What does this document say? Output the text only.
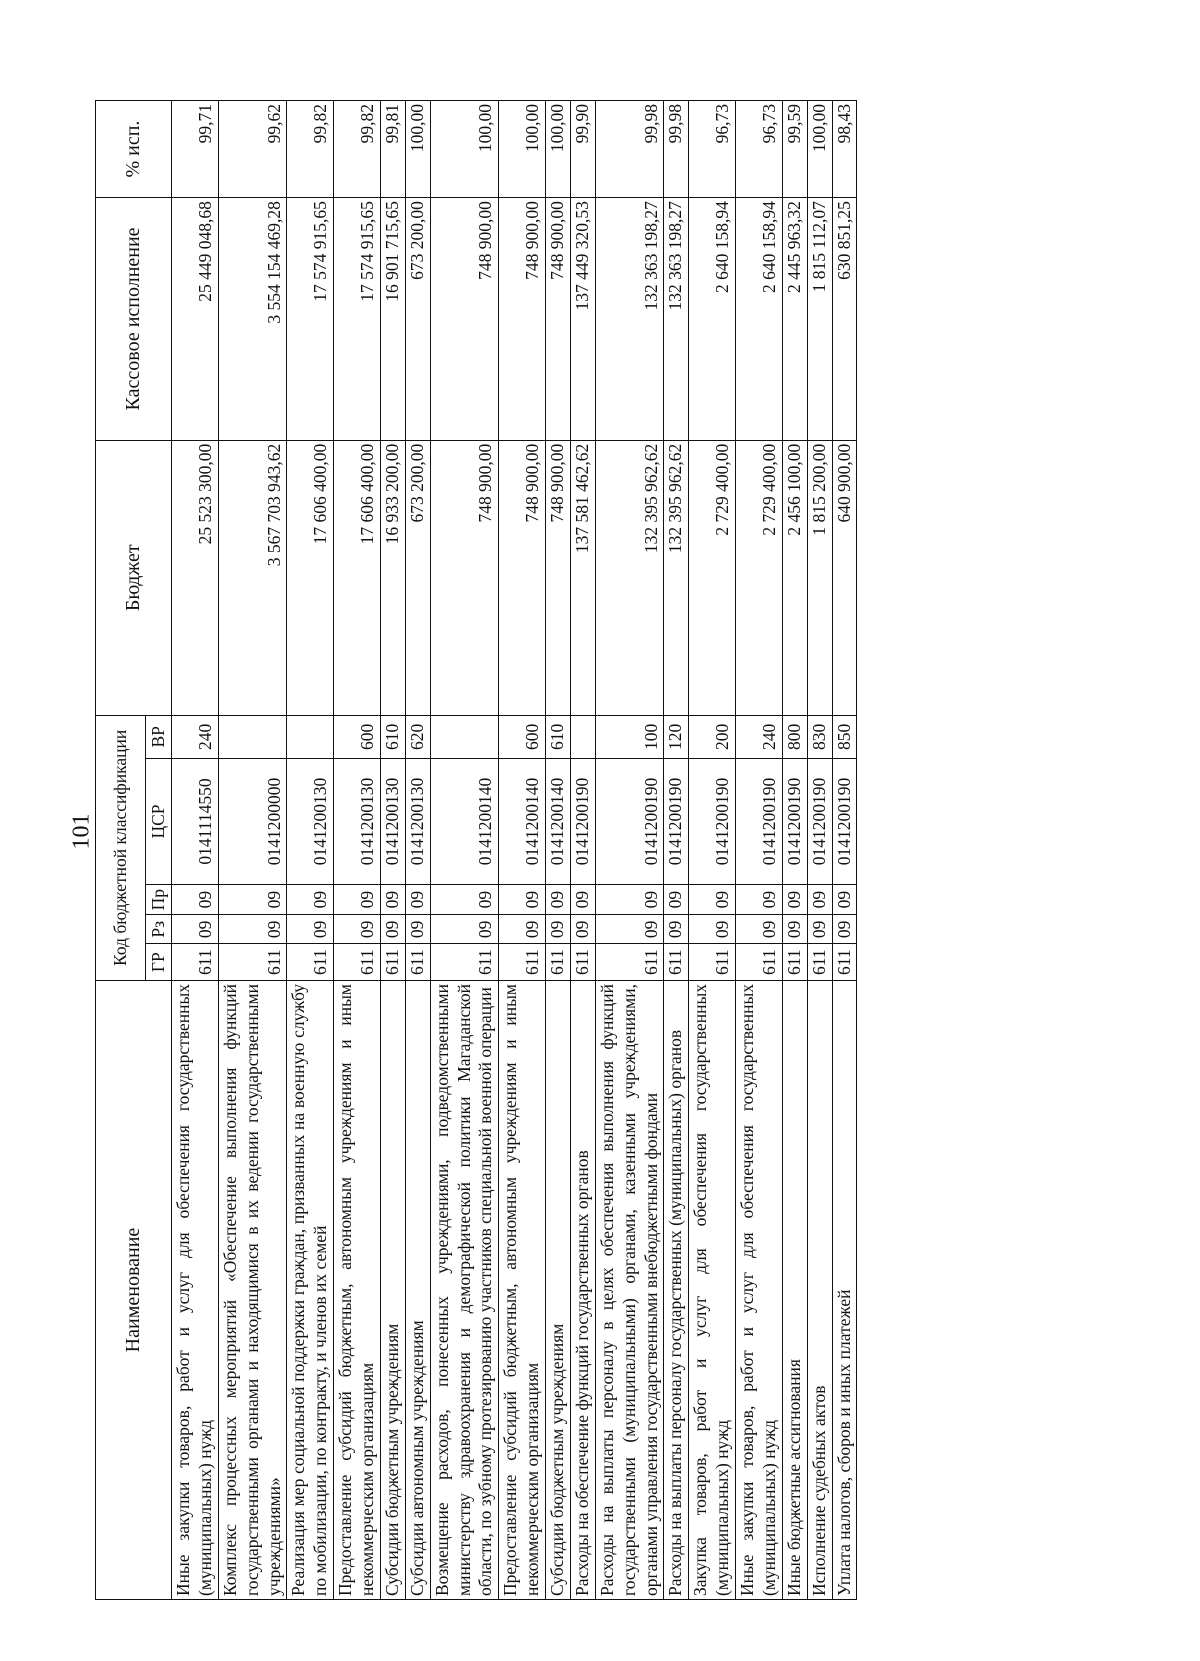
101
Наименование	Код бюджетной классификации					Бюджет	Кассовое исполнение	% исп.
	ГР	Рз	Пр	ЦСР	ВР			
Иные закупки товаров, работ и услуг для обеспечения государственных (муниципальных) нужд	611	09	09	0141114550	240	25 523 300,00	25 449 048,68	99,71
Комплекс процессных мероприятий «Обеспечение выполнения функций государственными органами и находящимися в их ведении государственными учреждениями»	611	09	09	0141200000		3 567 703 943,62	3 554 154 469,28	99,62
Реализация мер социальной поддержки граждан, призванных на военную службу по мобилизации, по контракту, и членов их семей	611	09	09	0141200130		17 606 400,00	17 574 915,65	99,82
Предоставление субсидий бюджетным, автономным учреждениям и иным некоммерческим организациям	611	09	09	0141200130	600	17 606 400,00	17 574 915,65	99,82
Субсидии бюджетным учреждениям	611	09	09	0141200130	610	16 933 200,00	16 901 715,65	99,81
Субсидии автономным учреждениям	611	09	09	0141200130	620	673 200,00	673 200,00	100,00
Возмещение расходов, понесенных учреждениями, подведомственными министерству здравоохранения и демографической политики Магаданской области, по зубному протезированию участников специальной военной операции	611	09	09	0141200140		748 900,00	748 900,00	100,00
Предоставление субсидий бюджетным, автономным учреждениям и иным некоммерческим организациям	611	09	09	0141200140	600	748 900,00	748 900,00	100,00
Субсидии бюджетным учреждениям	611	09	09	0141200140	610	748 900,00	748 900,00	100,00
Расходы на обеспечение функций государственных органов	611	09	09	0141200190		137 581 462,62	137 449 320,53	99,90
Расходы на выплаты персоналу в целях обеспечения выполнения функций государственными (муниципальными) органами, казенными учреждениями, органами управления государственными внебюджетными фондами	611	09	09	0141200190	100	132 395 962,62	132 363 198,27	99,98
Расходы на выплаты персоналу государственных (муниципальных) органов	611	09	09	0141200190	120	132 395 962,62	132 363 198,27	99,98
Закупка товаров, работ и услуг для обеспечения государственных (муниципальных) нужд	611	09	09	0141200190	200	2 729 400,00	2 640 158,94	96,73
Иные закупки товаров, работ и услуг для обеспечения государственных (муниципальных) нужд	611	09	09	0141200190	240	2 729 400,00	2 640 158,94	96,73
Иные бюджетные ассигнования	611	09	09	0141200190	800	2 456 100,00	2 445 963,32	99,59
Исполнение судебных актов	611	09	09	0141200190	830	1 815 200,00	1 815 112,07	100,00
Уплата налогов, сборов и иных платежей	611	09	09	0141200190	850	640 900,00	630 851,25	98,43
